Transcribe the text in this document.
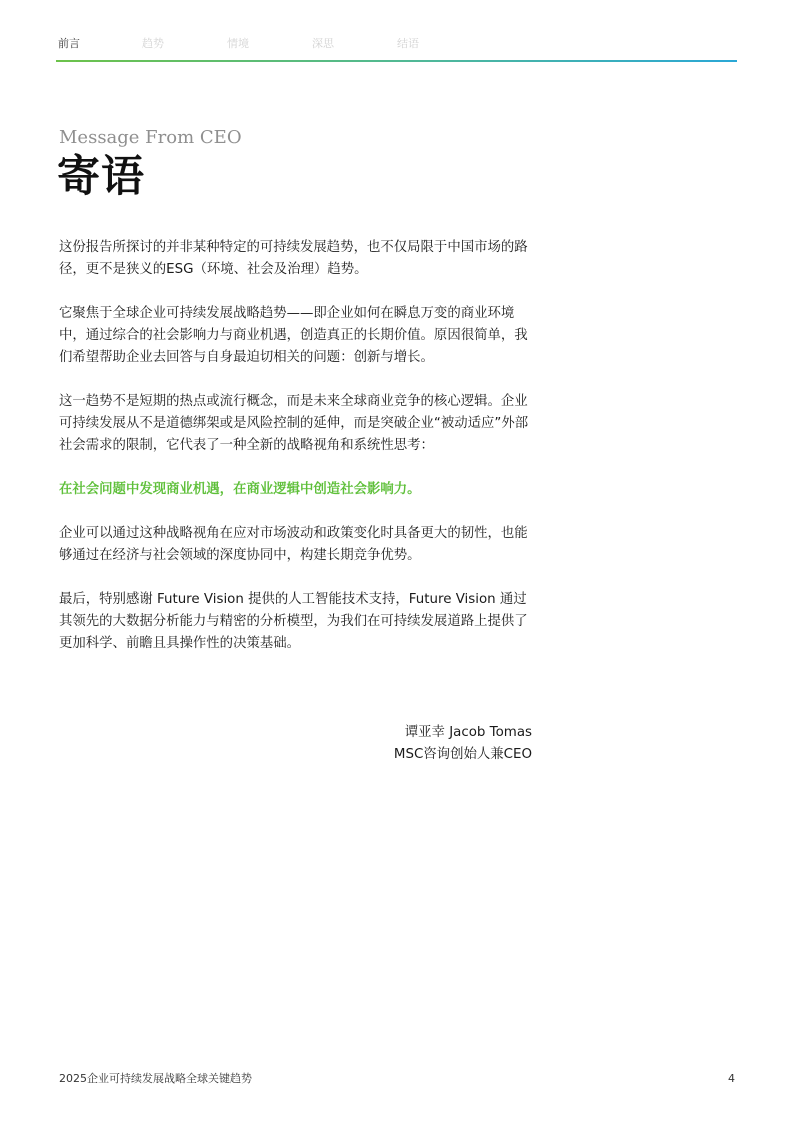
前言	趋势	情境	深思	结语
Message From CEO
寄语

这份报告所探讨的并非某种特定的可持续发展趋势，也不仅局限于中国市场的路径，更不是狭义的ESG（环境、社会及治理）趋势。

它聚焦于全球企业可持续发展战略趋势——即企业如何在瞬息万变的商业环境中，通过综合的社会影响力与商业机遇，创造真正的长期价值。原因很简单，我们希望帮助企业去回答与自身最迫切相关的问题：创新与增长。

这一趋势不是短期的热点或流行概念，而是未来全球商业竞争的核心逻辑。企业可持续发展从不是道德绑架或是风险控制的延伸，而是突破企业“被动适应”外部社会需求的限制，它代表了一种全新的战略视角和系统性思考：

在社会问题中发现商业机遇，在商业逻辑中创造社会影响力。

企业可以通过这种战略视角在应对市场波动和政策变化时具备更大的韧性，也能够通过在经济与社会领域的深度协同中，构建长期竞争优势。

最后，特别感谢 Future Vision 提供的人工智能技术支持，Future Vision 通过其领先的大数据分析能力与精密的分析模型，为我们在可持续发展道路上提供了更加科学、前瞻且具操作性的决策基础。

谭亚幸 Jacob Tomas
MSC咨询创始人兼CEO
2025企业可持续发展战略全球关键趋势	4
